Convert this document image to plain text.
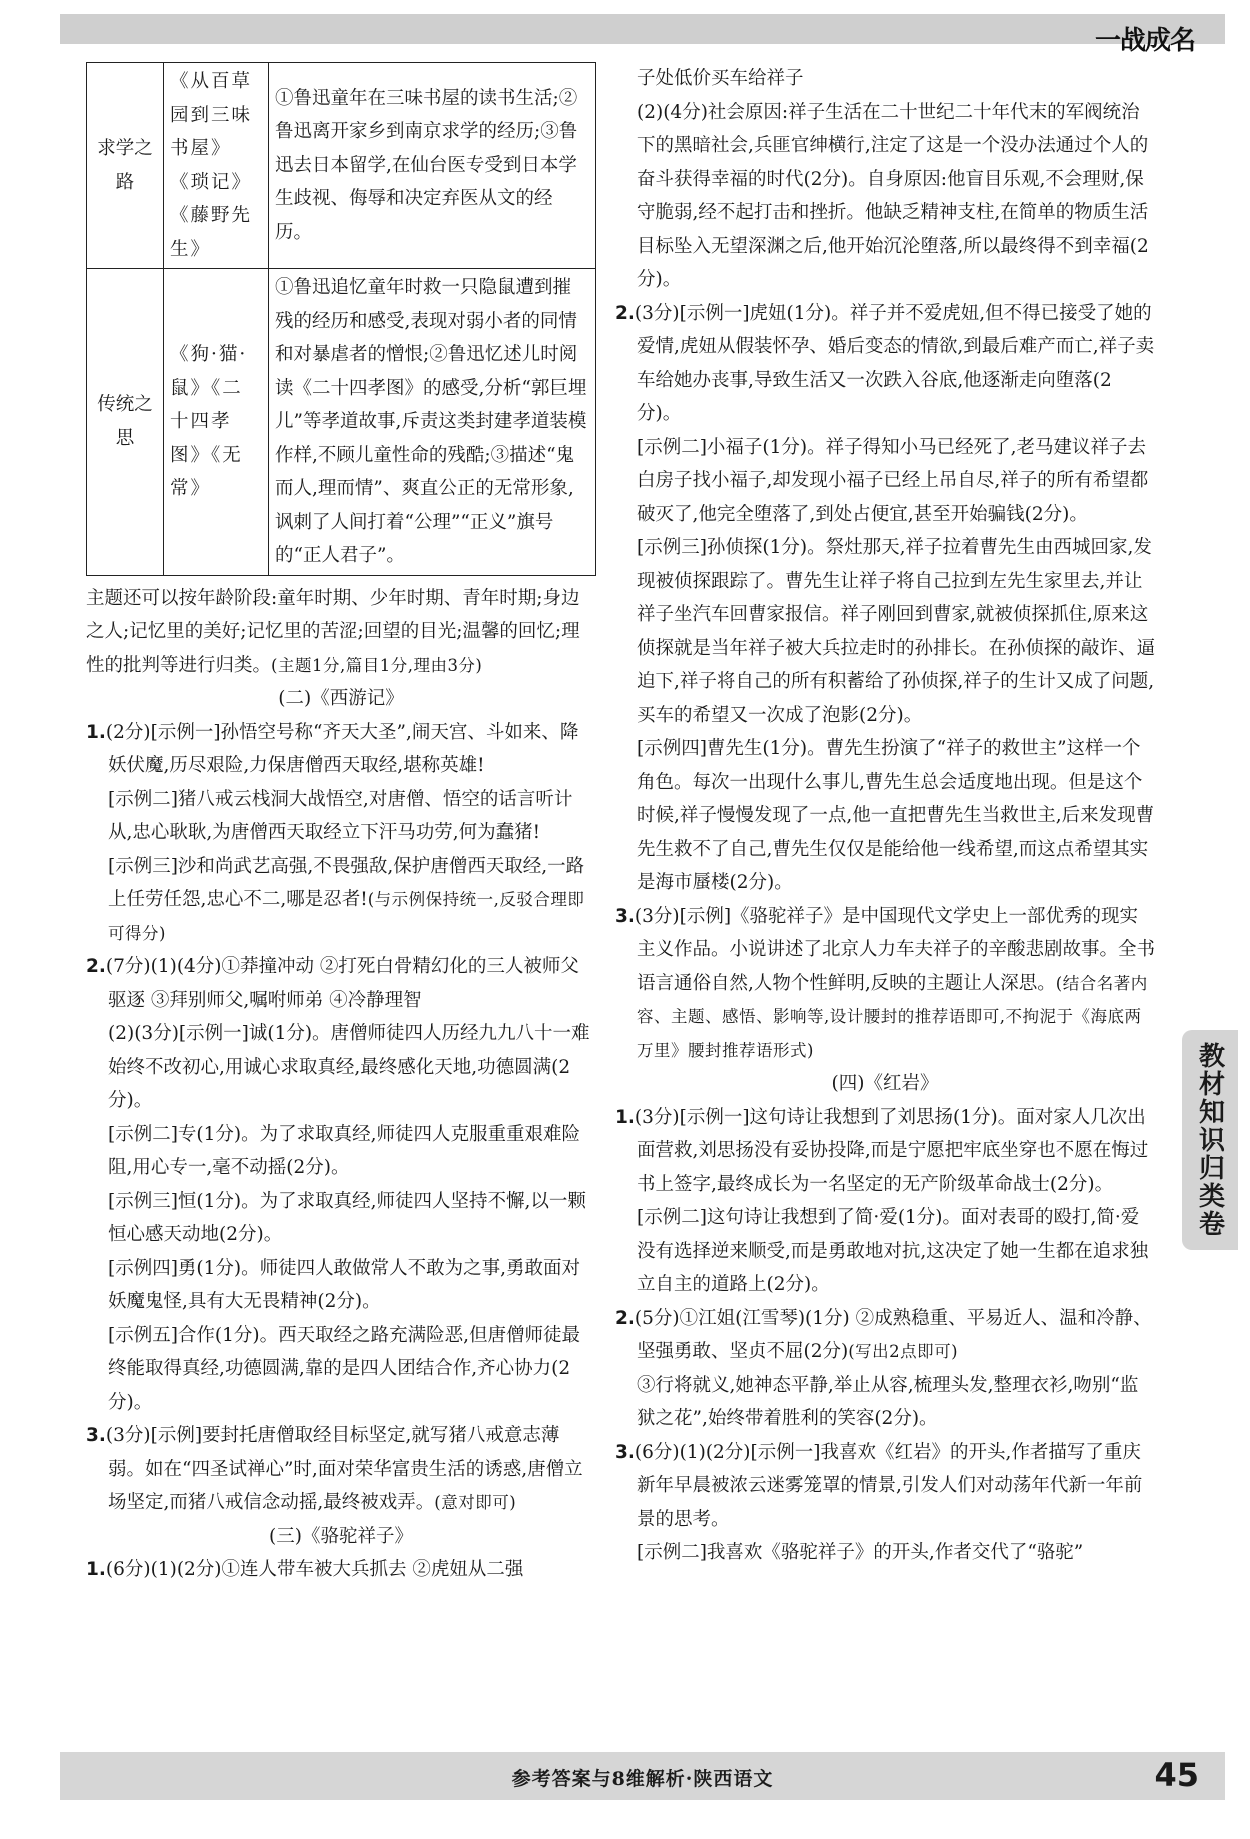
一战成名
求学之路	《从百草园到三味书屋》《琐记》《藤野先生》	①鲁迅童年在三味书屋的读书生活;②鲁迅离开家乡到南京求学的经历;③鲁迅去日本留学,在仙台医专受到日本学生歧视、侮辱和决定弃医从文的经历。
传统之思	《狗·猫·鼠》《二十四孝图》《无常》	①鲁迅追忆童年时救一只隐鼠遭到摧残的经历和感受,表现对弱小者的同情和对暴虐者的憎恨;②鲁迅忆述儿时阅读《二十四孝图》的感受,分析“郭巨埋儿”等孝道故事,斥责这类封建孝道装模作样,不顾儿童性命的残酷;③描述“鬼而人,理而情”、爽直公正的无常形象,讽刺了人间打着“公理”“正义”旗号的“正人君子”。

主题还可以按年龄阶段:童年时期、少年时期、青年时期;身边之人;记忆里的美好;记忆里的苦涩;回望的目光;温馨的回忆;理性的批判等进行归类。(主题1分,篇目1分,理由3分)

(二)《西游记》

1.(2分)[示例一]孙悟空号称“齐天大圣”,闹天宫、斗如来、降妖伏魔,历尽艰险,力保唐僧西天取经,堪称英雄!

[示例二]猪八戒云栈洞大战悟空,对唐僧、悟空的话言听计从,忠心耿耿,为唐僧西天取经立下汗马功劳,何为蠢猪!

[示例三]沙和尚武艺高强,不畏强敌,保护唐僧西天取经,一路上任劳任怨,忠心不二,哪是忍者!(与示例保持统一,反驳合理即可得分)

2.(7分)(1)(4分)①莽撞冲动 ②打死白骨精幻化的三人被师父驱逐 ③拜别师父,嘱咐师弟 ④冷静理智

(2)(3分)[示例一]诚(1分)。唐僧师徒四人历经九九八十一难始终不改初心,用诚心求取真经,最终感化天地,功德圆满(2分)。

[示例二]专(1分)。为了求取真经,师徒四人克服重重艰难险阻,用心专一,毫不动摇(2分)。

[示例三]恒(1分)。为了求取真经,师徒四人坚持不懈,以一颗恒心感天动地(2分)。

[示例四]勇(1分)。师徒四人敢做常人不敢为之事,勇敢面对妖魔鬼怪,具有大无畏精神(2分)。

[示例五]合作(1分)。西天取经之路充满险恶,但唐僧师徒最终能取得真经,功德圆满,靠的是四人团结合作,齐心协力(2分)。

3.(3分)[示例]要封托唐僧取经目标坚定,就写猪八戒意志薄弱。如在“四圣试禅心”时,面对荣华富贵生活的诱惑,唐僧立场坚定,而猪八戒信念动摇,最终被戏弄。(意对即可)

(三)《骆驼祥子》

1.(6分)(1)(2分)①连人带车被大兵抓去 ②虎妞从二强

子处低价买车给祥子

(2)(4分)社会原因:祥子生活在二十世纪二十年代末的军阀统治下的黑暗社会,兵匪官绅横行,注定了这是一个没办法通过个人的奋斗获得幸福的时代(2分)。自身原因:他盲目乐观,不会理财,保守脆弱,经不起打击和挫折。他缺乏精神支柱,在简单的物质生活目标坠入无望深渊之后,他开始沉沦堕落,所以最终得不到幸福(2分)。

2.(3分)[示例一]虎妞(1分)。祥子并不爱虎妞,但不得已接受了她的爱情,虎妞从假装怀孕、婚后变态的情欲,到最后难产而亡,祥子卖车给她办丧事,导致生活又一次跌入谷底,他逐渐走向堕落(2分)。

[示例二]小福子(1分)。祥子得知小马已经死了,老马建议祥子去白房子找小福子,却发现小福子已经上吊自尽,祥子的所有希望都破灭了,他完全堕落了,到处占便宜,甚至开始骗钱(2分)。

[示例三]孙侦探(1分)。祭灶那天,祥子拉着曹先生由西城回家,发现被侦探跟踪了。曹先生让祥子将自己拉到左先生家里去,并让祥子坐汽车回曹家报信。祥子刚回到曹家,就被侦探抓住,原来这侦探就是当年祥子被大兵拉走时的孙排长。在孙侦探的敲诈、逼迫下,祥子将自己的所有积蓄给了孙侦探,祥子的生计又成了问题,买车的希望又一次成了泡影(2分)。

[示例四]曹先生(1分)。曹先生扮演了“祥子的救世主”这样一个角色。每次一出现什么事儿,曹先生总会适度地出现。但是这个时候,祥子慢慢发现了一点,他一直把曹先生当救世主,后来发现曹先生救不了自己,曹先生仅仅是能给他一线希望,而这点希望其实是海市蜃楼(2分)。

3.(3分)[示例]《骆驼祥子》是中国现代文学史上一部优秀的现实主义作品。小说讲述了北京人力车夫祥子的辛酸悲剧故事。全书语言通俗自然,人物个性鲜明,反映的主题让人深思。(结合名著内容、主题、感悟、影响等,设计腰封的推荐语即可,不拘泥于《海底两万里》腰封推荐语形式)

(四)《红岩》

1.(3分)[示例一]这句诗让我想到了刘思扬(1分)。面对家人几次出面营救,刘思扬没有妥协投降,而是宁愿把牢底坐穿也不愿在悔过书上签字,最终成长为一名坚定的无产阶级革命战士(2分)。

[示例二]这句诗让我想到了简·爱(1分)。面对表哥的殴打,简·爱没有选择逆来顺受,而是勇敢地对抗,这决定了她一生都在追求独立自主的道路上(2分)。

2.(5分)①江姐(江雪琴)(1分) ②成熟稳重、平易近人、温和冷静、坚强勇敢、坚贞不屈(2分)(写出2点即可)

③行将就义,她神态平静,举止从容,梳理头发,整理衣衫,吻别“监狱之花”,始终带着胜利的笑容(2分)。

3.(6分)(1)(2分)[示例一]我喜欢《红岩》的开头,作者描写了重庆新年早晨被浓云迷雾笼罩的情景,引发人们对动荡年代新一年前景的思考。

[示例二]我喜欢《骆驼祥子》的开头,作者交代了“骆驼”

教材知识归类卷
参考答案与8维解析·陕西语文	45
